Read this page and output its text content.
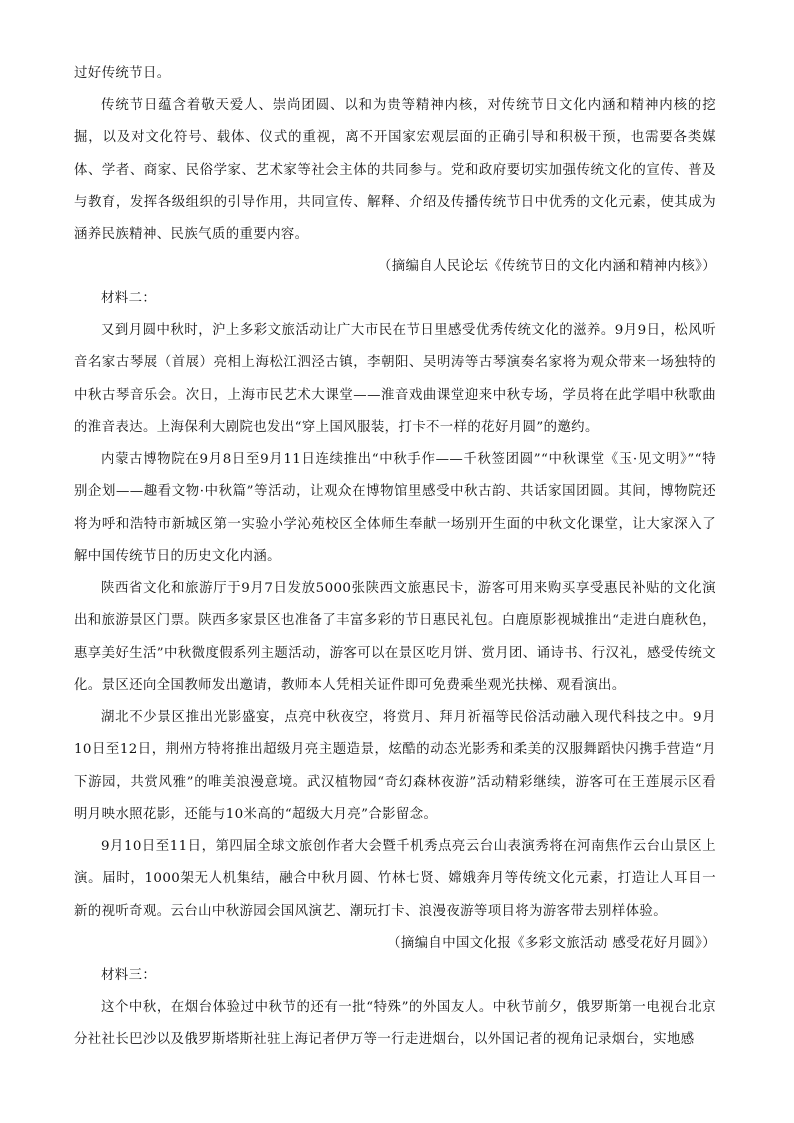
过好传统节日。

传统节日蕴含着敬天爱人、崇尚团圆、以和为贵等精神内核，对传统节日文化内涵和精神内核的挖掘，以及对文化符号、载体、仪式的重视，离不开国家宏观层面的正确引导和积极干预，也需要各类媒体、学者、商家、民俗学家、艺术家等社会主体的共同参与。党和政府要切实加强传统文化的宣传、普及与教育，发挥各级组织的引导作用，共同宣传、解释、介绍及传播传统节日中优秀的文化元素，使其成为涵养民族精神、民族气质的重要内容。

（摘编自人民论坛《传统节日的文化内涵和精神内核》）

材料二：

又到月圆中秋时，沪上多彩文旅活动让广大市民在节日里感受优秀传统文化的滋养。9月9日，松风听音名家古琴展（首展）亮相上海松江泗泾古镇，李朝阳、吴明涛等古琴演奏名家将为观众带来一场独特的中秋古琴音乐会。次日，上海市民艺术大课堂——淮音戏曲课堂迎来中秋专场，学员将在此学唱中秋歌曲的淮音表达。上海保利大剧院也发出“穿上国风服装，打卡不一样的花好月圆”的邀约。

内蒙古博物院在9月8日至9月11日连续推出“中秋手作——千秋签团圆”“中秋课堂《玉·见文明》”“特别企划——趣看文物·中秋篇”等活动，让观众在博物馆里感受中秋古韵、共话家国团圆。其间，博物院还将为呼和浩特市新城区第一实验小学沁苑校区全体师生奉献一场别开生面的中秋文化课堂，让大家深入了解中国传统节日的历史文化内涵。

陕西省文化和旅游厅于9月7日发放5000张陕西文旅惠民卡，游客可用来购买享受惠民补贴的文化演出和旅游景区门票。陕西多家景区也准备了丰富多彩的节日惠民礼包。白鹿原影视城推出“走进白鹿秋色，惠享美好生活”中秋微度假系列主题活动，游客可以在景区吃月饼、赏月团、诵诗书、行汉礼，感受传统文化。景区还向全国教师发出邀请，教师本人凭相关证件即可免费乘坐观光扶梯、观看演出。

湖北不少景区推出光影盛宴，点亮中秋夜空，将赏月、拜月祈福等民俗活动融入现代科技之中。9月10日至12日，荆州方特将推出超级月亮主题造景，炫酷的动态光影秀和柔美的汉服舞蹈快闪携手营造“月下游园，共赏风雅”的唯美浪漫意境。武汉植物园“奇幻森林夜游”活动精彩继续，游客可在王莲展示区看明月映水照花影，还能与10米高的“超级大月亮”合影留念。

9月10日至11日，第四届全球文旅创作者大会暨千机秀点亮云台山表演秀将在河南焦作云台山景区上演。届时，1000架无人机集结，融合中秋月圆、竹林七贤、嫦娥奔月等传统文化元素，打造让人耳目一新的视听奇观。云台山中秋游园会国风演艺、潮玩打卡、浪漫夜游等项目将为游客带去别样体验。

（摘编自中国文化报《多彩文旅活动 感受花好月圆》）

材料三：

这个中秋，在烟台体验过中秋节的还有一批“特殊”的外国友人。中秋节前夕，俄罗斯第一电视台北京分社社长巴沙以及俄罗斯塔斯社驻上海记者伊万等一行走进烟台，以外国记者的视角记录烟台，实地感
